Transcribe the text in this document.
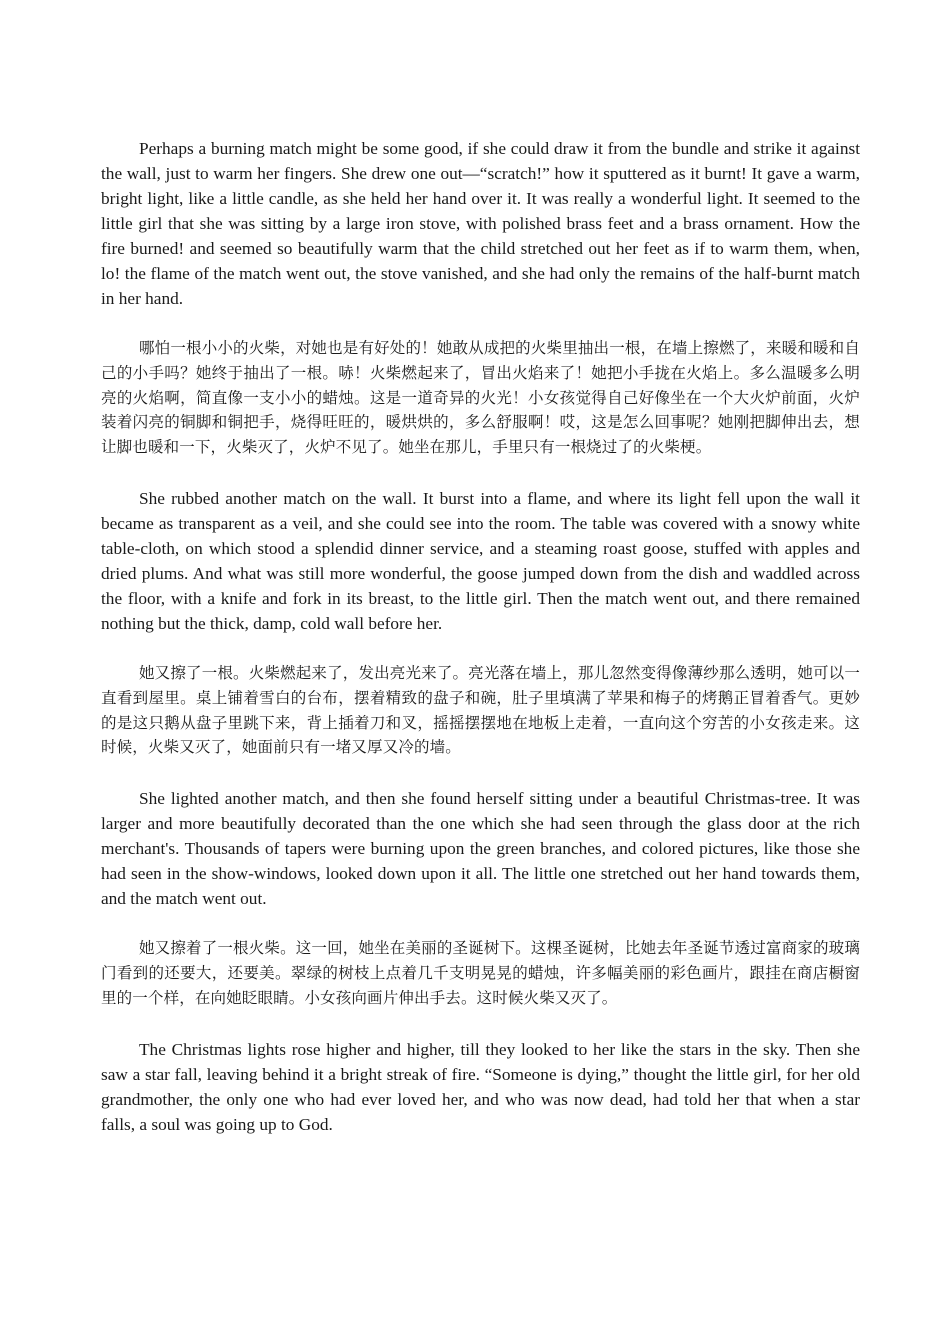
Perhaps a burning match might be some good, if she could draw it from the bundle and strike it against the wall, just to warm her fingers. She drew one out—“scratch!” how it sputtered as it burnt! It gave a warm, bright light, like a little candle, as she held her hand over it. It was really a wonderful light. It seemed to the little girl that she was sitting by a large iron stove, with polished brass feet and a brass ornament. How the fire burned! and seemed so beautifully warm that the child stretched out her feet as if to warm them, when, lo! the flame of the match went out, the stove vanished, and she had only the remains of the half-burnt match in her hand.

哪怕一根小小的火柴，对她也是有好处的！她敢从成把的火柴里抽出一根，在墙上擦燃了，来暖和暖和自己的小手吗？她终于抽出了一根。哧！火柴燃起来了，冒出火焰来了！她把小手拢在火焰上。多么温暖多么明亮的火焰啊，简直像一支小小的蜡烛。这是一道奇异的火光！小女孩觉得自己好像坐在一个大火炉前面，火炉装着闪亮的铜脚和铜把手，烧得旺旺的，暖烘烘的，多么舒服啊！哎，这是怎么回事呢？她刚把脚伸出去，想让脚也暖和一下，火柴灭了，火炉不见了。她坐在那儿，手里只有一根烧过了的火柴梗。

She rubbed another match on the wall. It burst into a flame, and where its light fell upon the wall it became as transparent as a veil, and she could see into the room. The table was covered with a snowy white table-cloth, on which stood a splendid dinner service, and a steaming roast goose, stuffed with apples and dried plums. And what was still more wonderful, the goose jumped down from the dish and waddled across the floor, with a knife and fork in its breast, to the little girl. Then the match went out, and there remained nothing but the thick, damp, cold wall before her.

她又擦了一根。火柴燃起来了，发出亮光来了。亮光落在墙上，那儿忽然变得像薄纱那么透明，她可以一直看到屋里。桌上铺着雪白的台布，摆着精致的盘子和碗，肚子里填满了苹果和梅子的烤鹅正冒着香气。更妙的是这只鹅从盘子里跳下来，背上插着刀和叉，摇摇摆摆地在地板上走着，一直向这个穷苦的小女孩走来。这时候，火柴又灭了，她面前只有一堵又厚又冷的墙。

She lighted another match, and then she found herself sitting under a beautiful Christmas-tree. It was larger and more beautifully decorated than the one which she had seen through the glass door at the rich merchant's. Thousands of tapers were burning upon the green branches, and colored pictures, like those she had seen in the show-windows, looked down upon it all. The little one stretched out her hand towards them, and the match went out.

她又擦着了一根火柴。这一回，她坐在美丽的圣诞树下。这棵圣诞树，比她去年圣诞节透过富商家的玻璃门看到的还要大，还要美。翠绿的树枝上点着几千支明晃晃的蜡烛，许多幅美丽的彩色画片，跟挂在商店橱窗里的一个样，在向她眨眼睛。小女孩向画片伸出手去。这时候火柴又灭了。

The Christmas lights rose higher and higher, till they looked to her like the stars in the sky. Then she saw a star fall, leaving behind it a bright streak of fire. “Someone is dying,” thought the little girl, for her old grandmother, the only one who had ever loved her, and who was now dead, had told her that when a star falls, a soul was going up to God.
